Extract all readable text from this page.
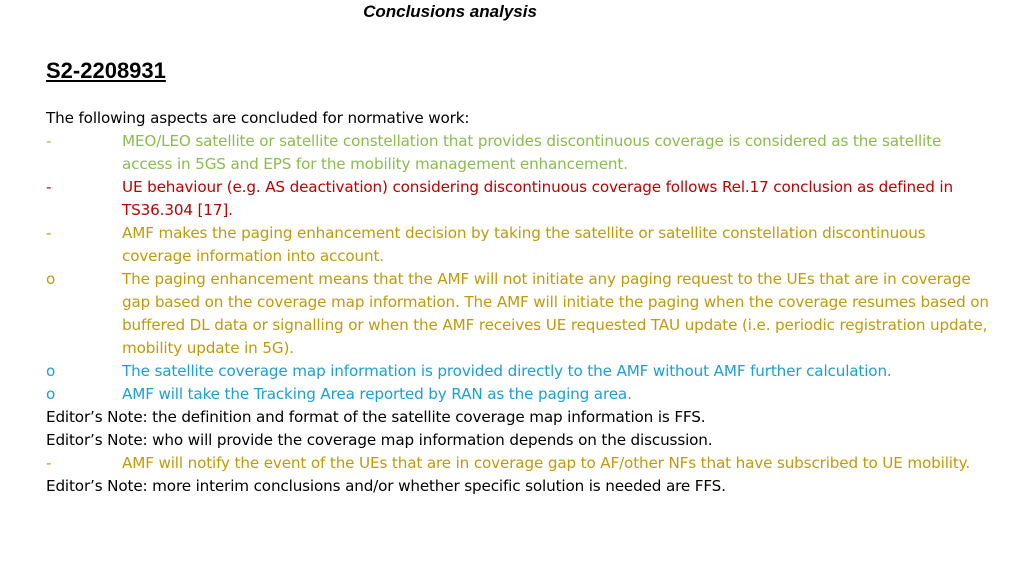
Conclusions analysis
S2-2208931

The following aspects are concluded for normative work:

-	MEO/LEO satellite or satellite constellation that provides discontinuous coverage is considered as the satellite access in 5GS and EPS for the mobility management enhancement.
-	UE behaviour (e.g. AS deactivation) considering discontinuous coverage follows Rel.17 conclusion as defined in TS36.304 [17].
-	AMF makes the paging enhancement decision by taking the satellite or satellite constellation discontinuous coverage information into account.
o	The paging enhancement means that the AMF will not initiate any paging request to the UEs that are in coverage gap based on the coverage map information. The AMF will initiate the paging when the coverage resumes based on buffered DL data or signalling or when the AMF receives UE requested TAU update (i.e. periodic registration update, mobility update in 5G).
o	The satellite coverage map information is provided directly to the AMF without AMF further calculation.
o	AMF will take the Tracking Area reported by RAN as the paging area.

Editor’s Note: the definition and format of the satellite coverage map information is FFS.

Editor’s Note: who will provide the coverage map information depends on the discussion.

-	AMF will notify the event of the UEs that are in coverage gap to AF/other NFs that have subscribed to UE mobility.

Editor’s Note: more interim conclusions and/or whether specific solution is needed are FFS.
